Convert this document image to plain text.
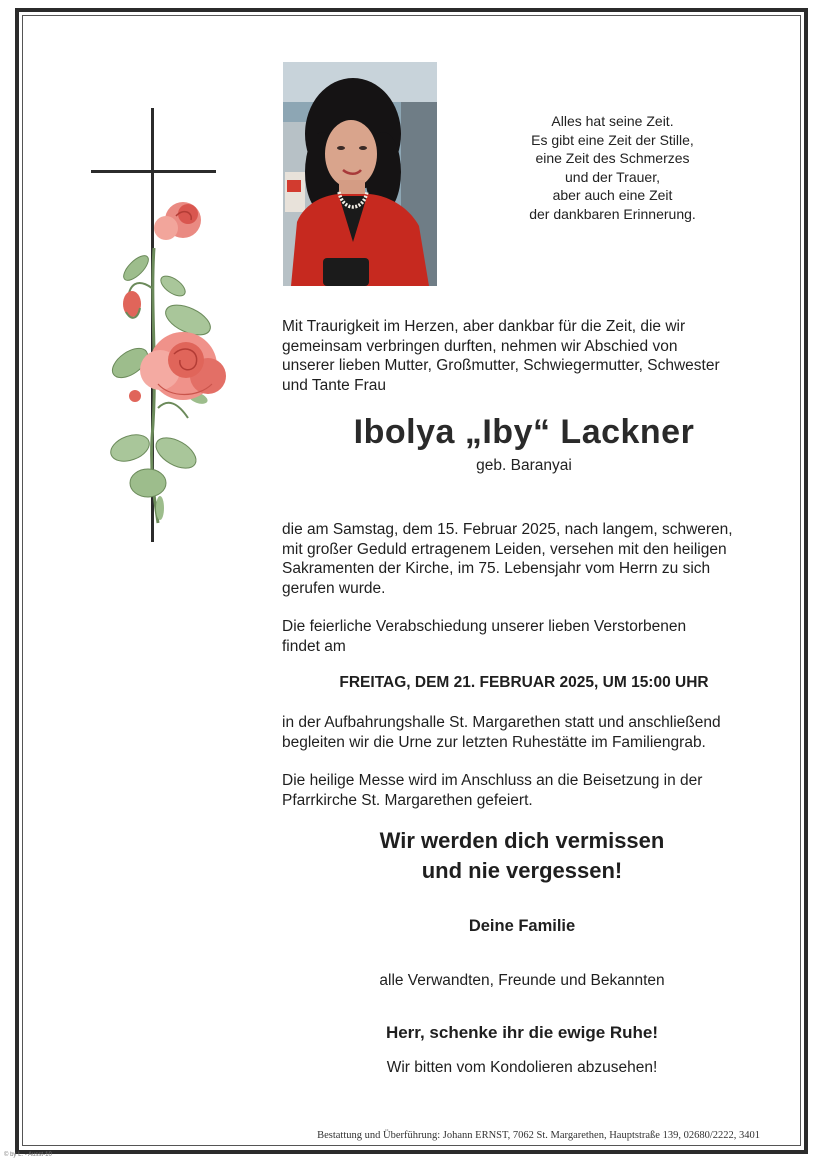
Alles hat seine Zeit.
Es gibt eine Zeit der Stille,
eine Zeit des Schmerzes
und der Trauer,
aber auch eine Zeit
der dankbaren Erinnerung.
Mit Traurigkeit im Herzen, aber dankbar für die Zeit, die wir
gemeinsam verbringen durften, nehmen wir Abschied von
unserer lieben Mutter, Großmutter, Schwiegermutter, Schwester
und Tante Frau
Ibolya „Iby“ Lackner
geb. Baranyai
die am Samstag, dem 15. Februar 2025, nach langem, schweren,
mit großer Geduld ertragenem Leiden, versehen mit den heiligen
Sakramenten der Kirche, im 75. Lebensjahr vom Herrn zu sich
gerufen wurde.
Die feierliche Verabschiedung unserer lieben Verstorbenen
findet am
FREITAG, DEM 21. FEBRUAR 2025, UM 15:00 UHR
in der Aufbahrungshalle St. Margarethen statt und anschließend
begleiten wir die Urne zur letzten Ruhestätte im Familiengrab.
Die heilige Messe wird im Anschluss an die Beisetzung in der
Pfarrkirche St. Margarethen gefeiert.
Wir werden dich vermissen
und nie vergessen!
Deine Familie
alle Verwandten, Freunde und Bekannten
Herr, schenke ihr die ewige Ruhe!
Wir bitten vom Kondolieren abzusehen!
Bestattung und Überführung: Johann ERNST, 7062 St. Margarethen, Hauptstraße 139, 02680/2222, 3401
© by L. - Ausst-10
